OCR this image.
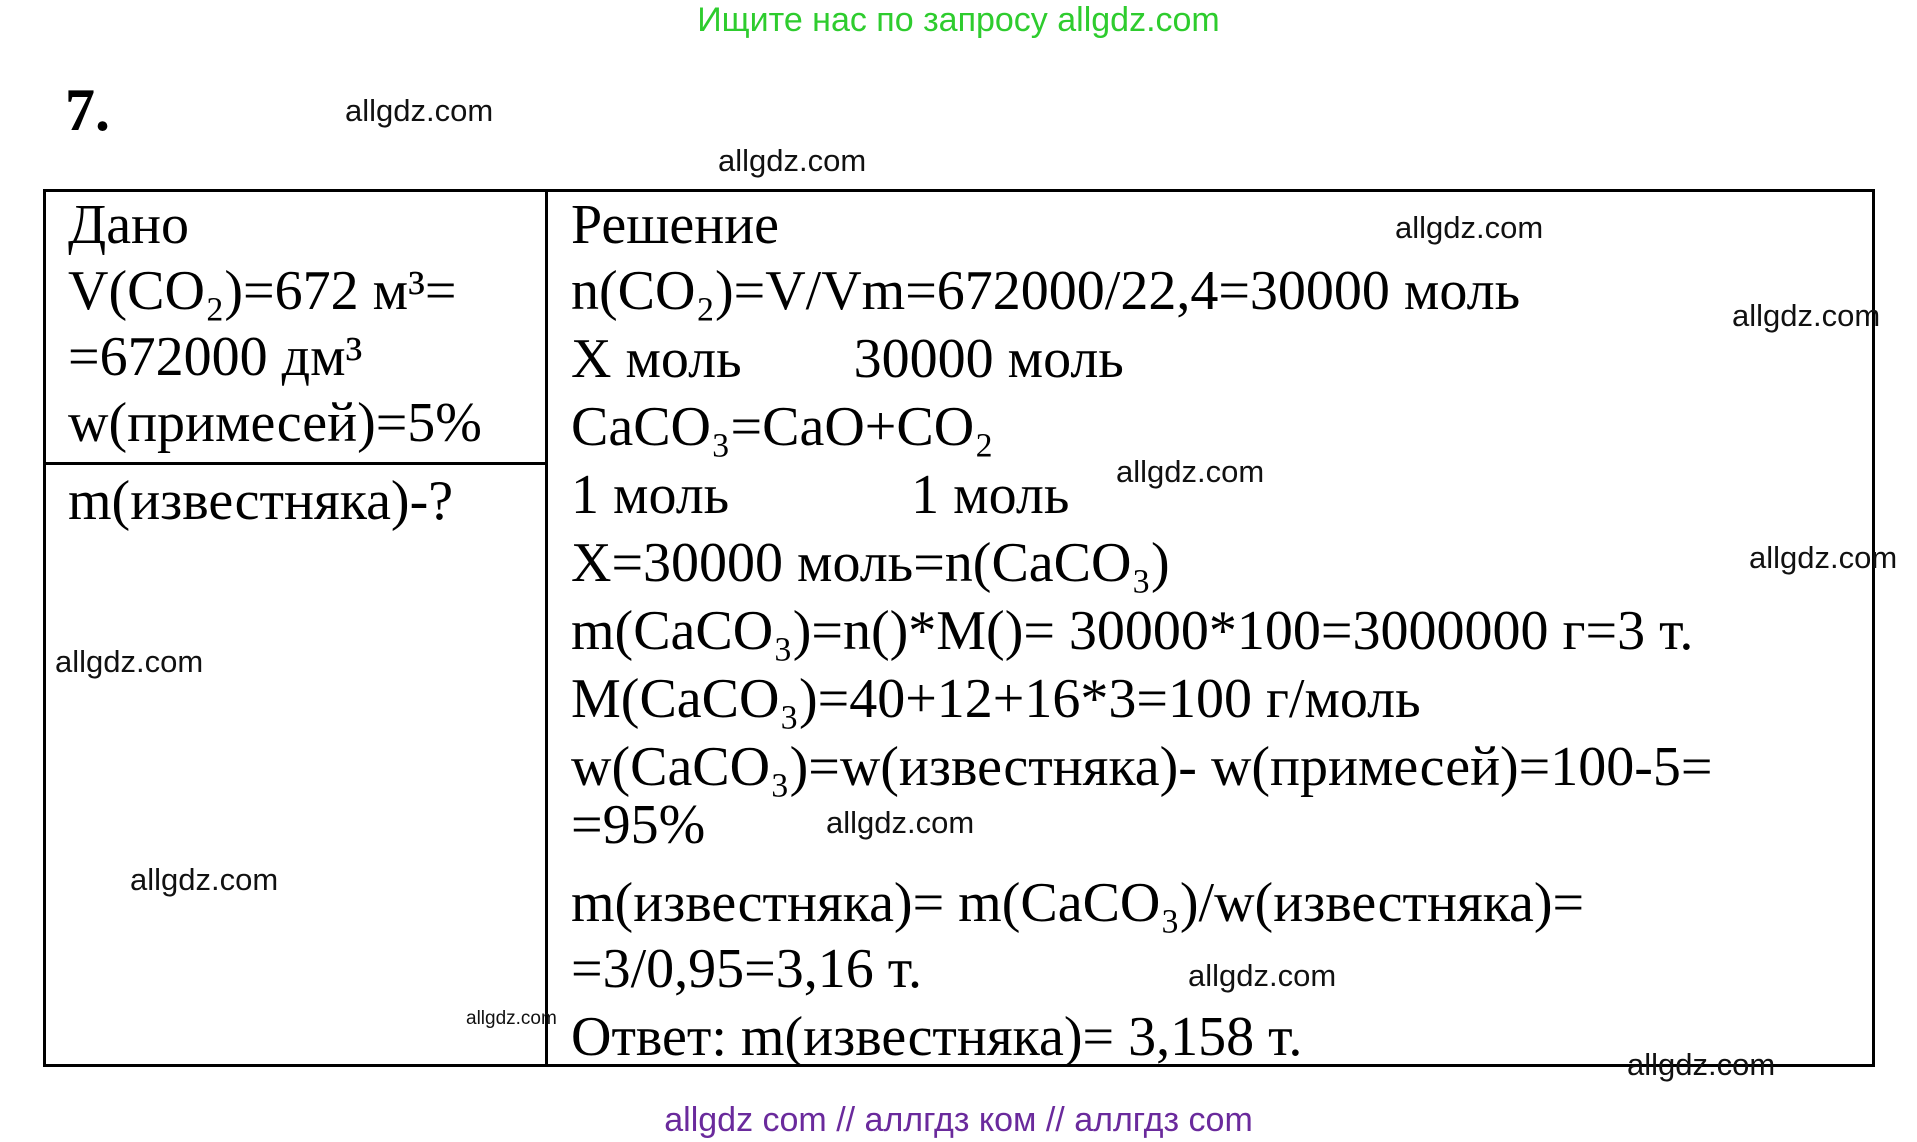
Ищите нас по запросу allgdz.com
7.	allgdz.com
allgdz.com
Дано
V(CO₂)=672 м³=
=672000 дм³
w(примесей)=5%
m(известняка)-?
Решение
n(CO₂)=V/Vm=672000/22,4=30000 моль
X моль        30000 моль
CaCO₃=CaO+CO₂
1 моль             1 моль
X=30000 моль=n(CaCO₃)
m(CaCO₃)=n()*M()= 30000*100=3000000 г=3 т.
M(CaCO₃)=40+12+16*3=100 г/моль
w(CaCO₃)=w(известняка)- w(примесей)=100-5=
=95%
m(известняка)= m(CaCO₃)/w(известняка)=
=3/0,95=3,16 т.
Ответ: m(известняка)= 3,158 т.
allgdz.com
allgdz.com
allgdz.com
allgdz.com
allgdz.com
allgdz.com
allgdz.com
allgdz.com
allgdz.com
allgdz.com
allgdz com // аллгдз ком // аллгдз com
